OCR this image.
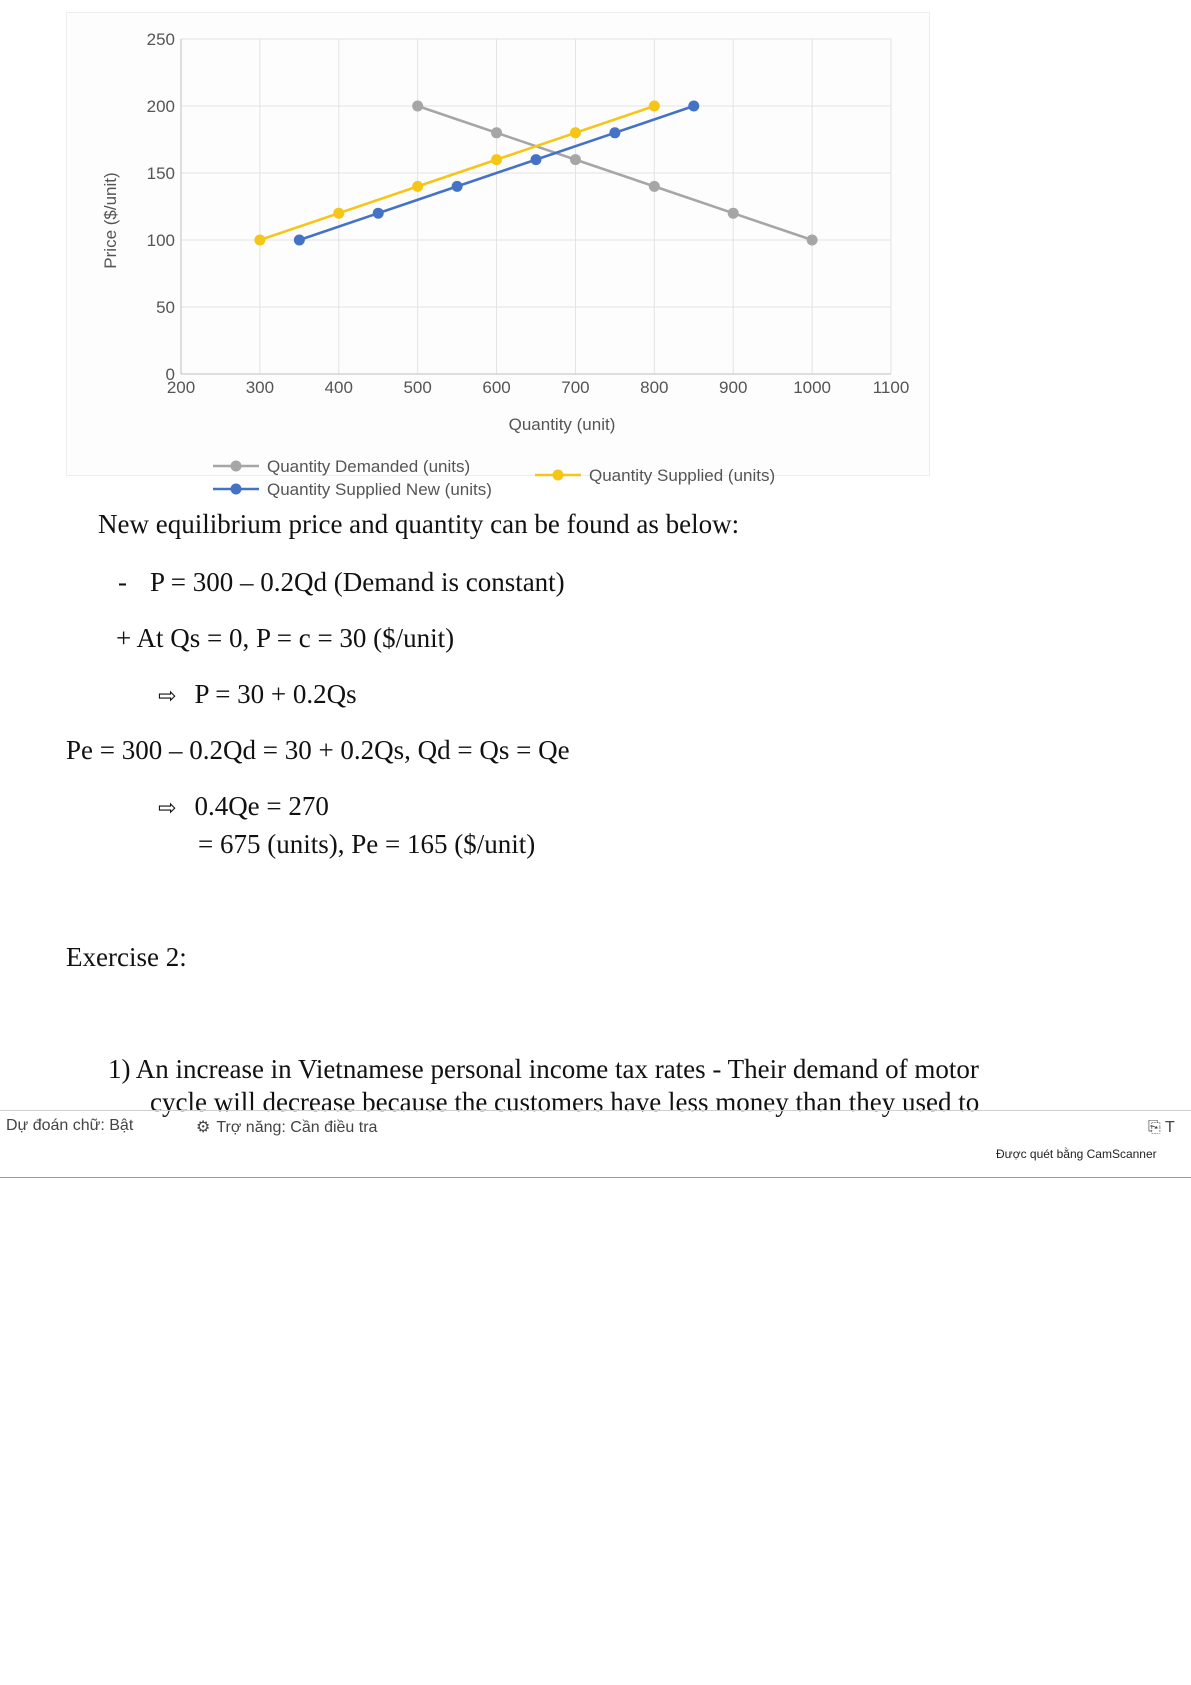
200	300	400	500	600	700	800	900	1000 1100
0
50
100
150
200
250
Quantity (unit)
Price ($/unit)
Quantity Demanded (units)	Quantity Supplied (units)
Quantity Supplied New (units)
New equilibrium price and quantity can be found as below:
- P = 300 – 0.2Qd (Demand is constant)
+ At Qs = 0, P = c = 30 ($/unit)
⇨ P = 30 + 0.2Qs
Pe = 300 – 0.2Qd = 30 + 0.2Qs, Qd = Qs = Qe
⇨ 0.4Qe = 270
= 675 (units), Pe = 165 ($/unit)
Exercise 2:
1) An increase in Vietnamese personal income tax rates - Their demand of motor
cycle will decrease because the customers have less money than they used to
Dự đoán chữ: Bật	⚙ Trợ năng: Cần điều tra	⎘ T
Được quét bằng CamScanner
